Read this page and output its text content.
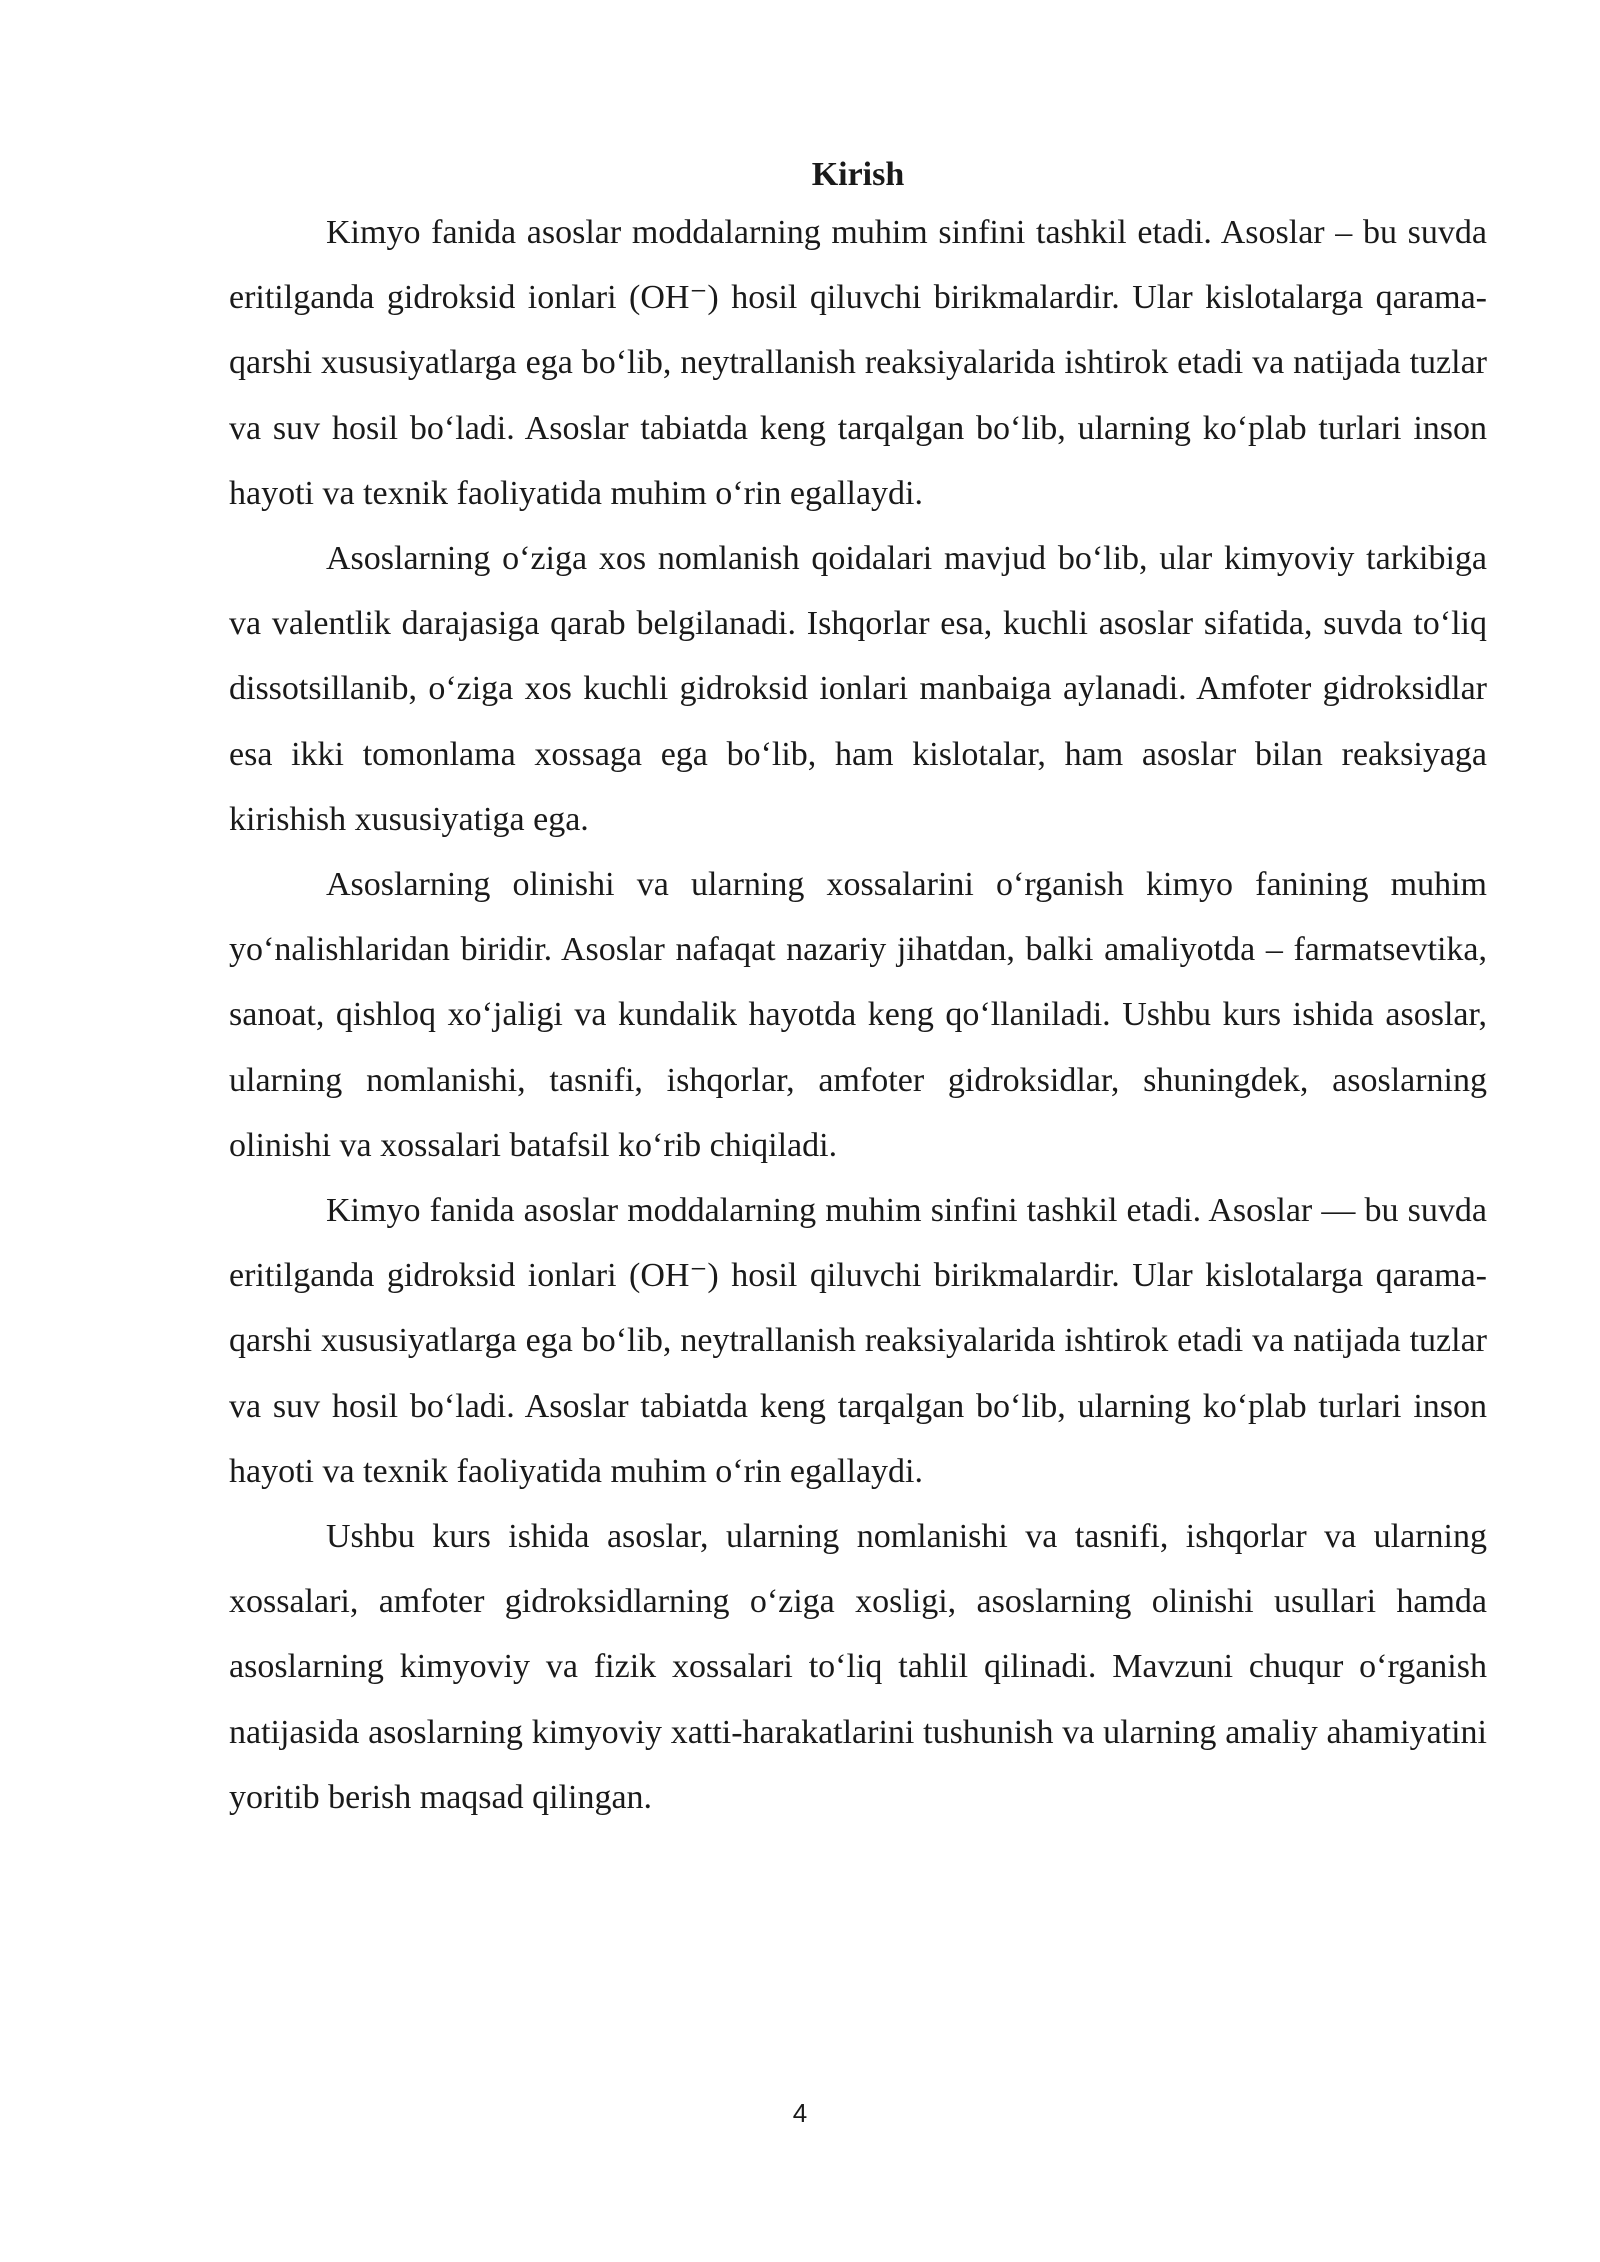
Kirish

Kimyo fanida asoslar moddalarning muhim sinfini tashkil etadi. Asoslar – bu suvda eritilganda gidroksid ionlari (OH⁻) hosil qiluvchi birikmalardir. Ular kislotalarga qarama-qarshi xususiyatlarga ega bo‘lib, neytrallanish reaksiyalarida ishtirok etadi va natijada tuzlar va suv hosil bo‘ladi. Asoslar tabiatda keng tarqalgan bo‘lib, ularning ko‘plab turlari inson hayoti va texnik faoliyatida muhim o‘rin egallaydi.

Asoslarning o‘ziga xos nomlanish qoidalari mavjud bo‘lib, ular kimyoviy tarkibiga va valentlik darajasiga qarab belgilanadi. Ishqorlar esa, kuchli asoslar sifatida, suvda to‘liq dissotsillanib, o‘ziga xos kuchli gidroksid ionlari manbaiga aylanadi. Amfoter gidroksidlar esa ikki tomonlama xossaga ega bo‘lib, ham kislotalar, ham asoslar bilan reaksiyaga kirishish xususiyatiga ega.

Asoslarning olinishi va ularning xossalarini o‘rganish kimyo fanining muhim yo‘nalishlaridan biridir. Asoslar nafaqat nazariy jihatdan, balki amaliyotda – farmatsevtika, sanoat, qishloq xo‘jaligi va kundalik hayotda keng qo‘llaniladi. Ushbu kurs ishida asoslar, ularning nomlanishi, tasnifi, ishqorlar, amfoter gidroksidlar, shuningdek, asoslarning olinishi va xossalari batafsil ko‘rib chiqiladi.

Kimyo fanida asoslar moddalarning muhim sinfini tashkil etadi. Asoslar — bu suvda eritilganda gidroksid ionlari (OH⁻) hosil qiluvchi birikmalardir. Ular kislotalarga qarama-qarshi xususiyatlarga ega bo‘lib, neytrallanish reaksiyalarida ishtirok etadi va natijada tuzlar va suv hosil bo‘ladi. Asoslar tabiatda keng tarqalgan bo‘lib, ularning ko‘plab turlari inson hayoti va texnik faoliyatida muhim o‘rin egallaydi.

Ushbu kurs ishida asoslar, ularning nomlanishi va tasnifi, ishqorlar va ularning xossalari, amfoter gidroksidlarning o‘ziga xosligi, asoslarning olinishi usullari hamda asoslarning kimyoviy va fizik xossalari to‘liq tahlil qilinadi. Mavzuni chuqur o‘rganish natijasida asoslarning kimyoviy xatti-harakatlarini tushunish va ularning amaliy ahamiyatini yoritib berish maqsad qilingan.

4
